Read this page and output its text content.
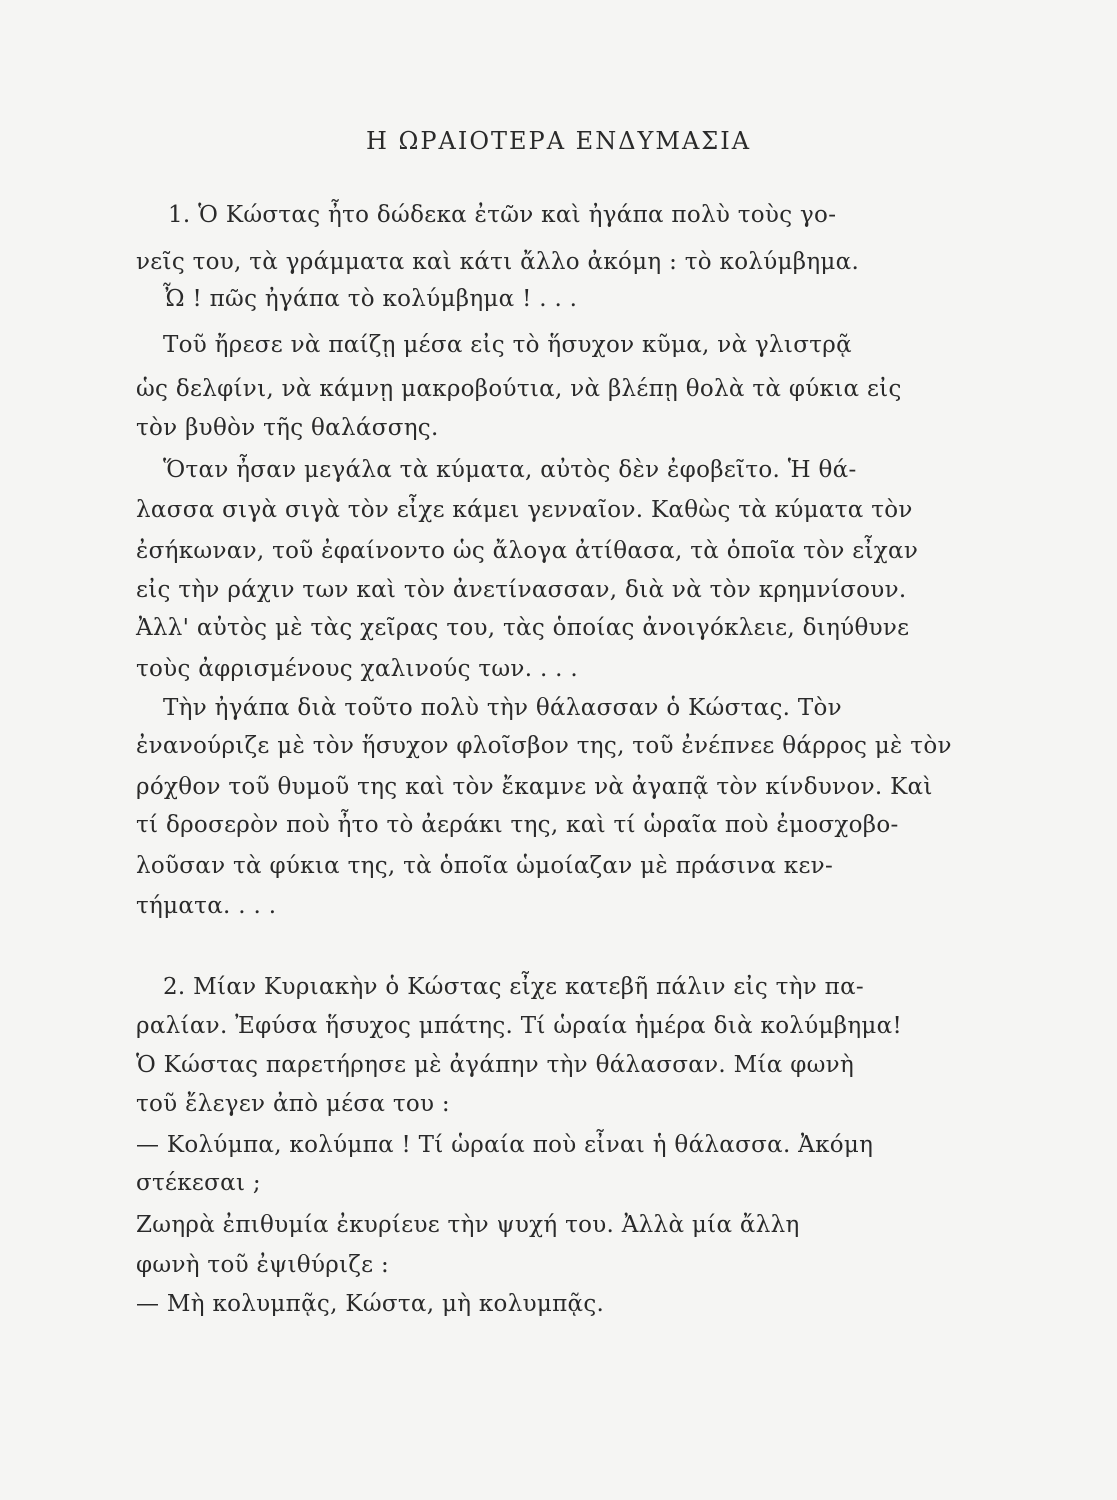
Η ΩΡΑΙΟΤΕΡΑ ΕΝΔΥΜΑΣΙΑ
1. Ὁ Κώστας ἦτο δώδεκα ἐτῶν καὶ ἠγάπα πολὺ τοὺς γο-
νεῖς του, τὰ γράμματα καὶ κάτι ἄλλο ἀκόμη : τὸ κολύμβημα.
Ὦ ! πῶς ἠγάπα τὸ κολύμβημα ! . . .
Τοῦ ἤρεσε νὰ παίζῃ μέσα εἰς τὸ ἥσυχον κῦμα, νὰ γλιστρᾷ
ὡς δελφίνι, νὰ κάμνῃ μακροβούτια, νὰ βλέπῃ θολὰ τὰ φύκια εἰς
τὸν βυθὸν τῆς θαλάσσης.
Ὅταν ἦσαν μεγάλα τὰ κύματα, αὐτὸς δὲν ἐφοβεῖτο. Ἡ θά-
λασσα σιγὰ σιγὰ τὸν εἶχε κάμει γενναῖον. Καθὼς τὰ κύματα τὸν
ἐσήκωναν, τοῦ ἐφαίνοντο ὡς ἄλογα ἀτίθασα, τὰ ὁποῖα τὸν εἶχαν
εἰς τὴν ράχιν των καὶ τὸν ἀνετίνασσαν, διὰ νὰ τὸν κρημνίσουν.
Ἀλλ' αὐτὸς μὲ τὰς χεῖρας του, τὰς ὁποίας ἀνοιγόκλειε, διηύθυνε
τοὺς ἀφρισμένους χαλινούς των. . . .
Τὴν ἠγάπα διὰ τοῦτο πολὺ τὴν θάλασσαν ὁ Κώστας. Τὸν
ἐνανούριζε μὲ τὸν ἥσυχον φλοῖσβον της, τοῦ ἐνέπνεε θάρρος μὲ τὸν
ρόχθον τοῦ θυμοῦ της καὶ τὸν ἔκαμνε νὰ ἀγαπᾷ τὸν κίνδυνον. Καὶ
τί δροσερὸν ποὺ ἦτο τὸ ἀεράκι της, καὶ τί ὡραῖα ποὺ ἐμοσχοβο-
λοῦσαν τὰ φύκια της, τὰ ὁποῖα ὡμοίαζαν μὲ πράσινα κεν-
τήματα. . . .
2. Μίαν Κυριακὴν ὁ Κώστας εἶχε κατεβῆ πάλιν εἰς τὴν πα-
ραλίαν. Ἐφύσα ἥσυχος μπάτης. Τί ὡραία ἡμέρα διὰ κολύμβημα!
Ὁ Κώστας παρετήρησε μὲ ἀγάπην τὴν θάλασσαν. Μία φωνὴ
τοῦ ἔλεγεν ἀπὸ μέσα του :
— Κολύμπα, κολύμπα ! Τί ὡραία ποὺ εἶναι ἡ θάλασσα. Ἀκόμη
στέκεσαι ;
Ζωηρὰ ἐπιθυμία ἐκυρίευε τὴν ψυχή του. Ἀλλὰ μία ἄλλη
φωνὴ τοῦ ἐψιθύριζε :
— Μὴ κολυμπᾷς, Κώστα, μὴ κολυμπᾷς.
